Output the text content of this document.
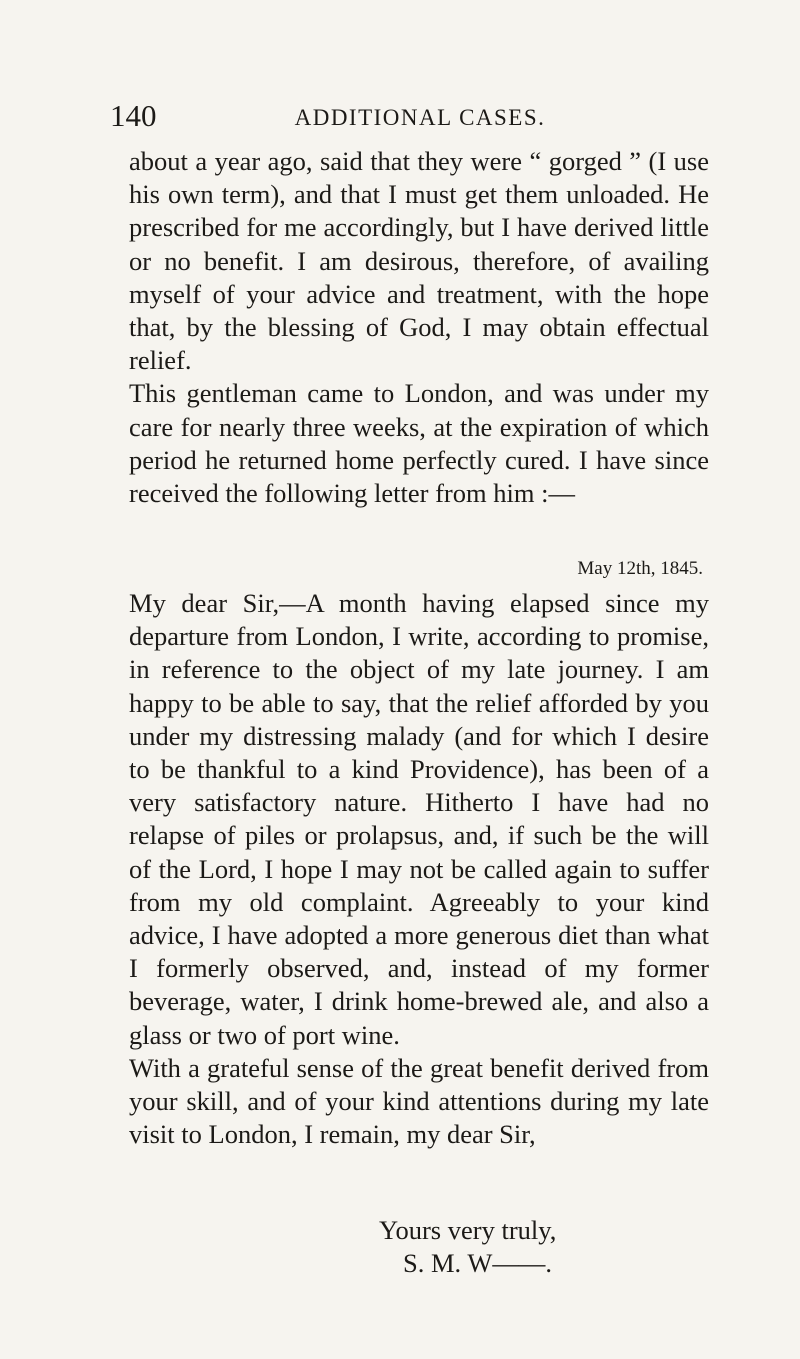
140	ADDITIONAL CASES.

about a year ago, said that they were “ gorged ” (I use his own term), and that I must get them unloaded. He prescribed for me accordingly, but I have derived little or no benefit. I am desirous, therefore, of availing myself of your advice and treatment, with the hope that, by the blessing of God, I may obtain effectual relief.

This gentleman came to London, and was under my care for nearly three weeks, at the expiration of which period he returned home perfectly cured. I have since received the following letter from him :—

May 12th, 1845.

My dear Sir,—A month having elapsed since my departure from London, I write, according to promise, in reference to the object of my late journey. I am happy to be able to say, that the relief afforded by you under my distressing malady (and for which I desire to be thankful to a kind Providence), has been of a very satisfactory nature. Hitherto I have had no relapse of piles or prolapsus, and, if such be the will of the Lord, I hope I may not be called again to suffer from my old complaint. Agreeably to your kind advice, I have adopted a more generous diet than what I formerly observed, and, instead of my former beverage, water, I drink home-brewed ale, and also a glass or two of port wine.

With a grateful sense of the great benefit derived from your skill, and of your kind attentions during my late visit to London, I remain, my dear Sir,

Yours very truly,
S. M. W——.
